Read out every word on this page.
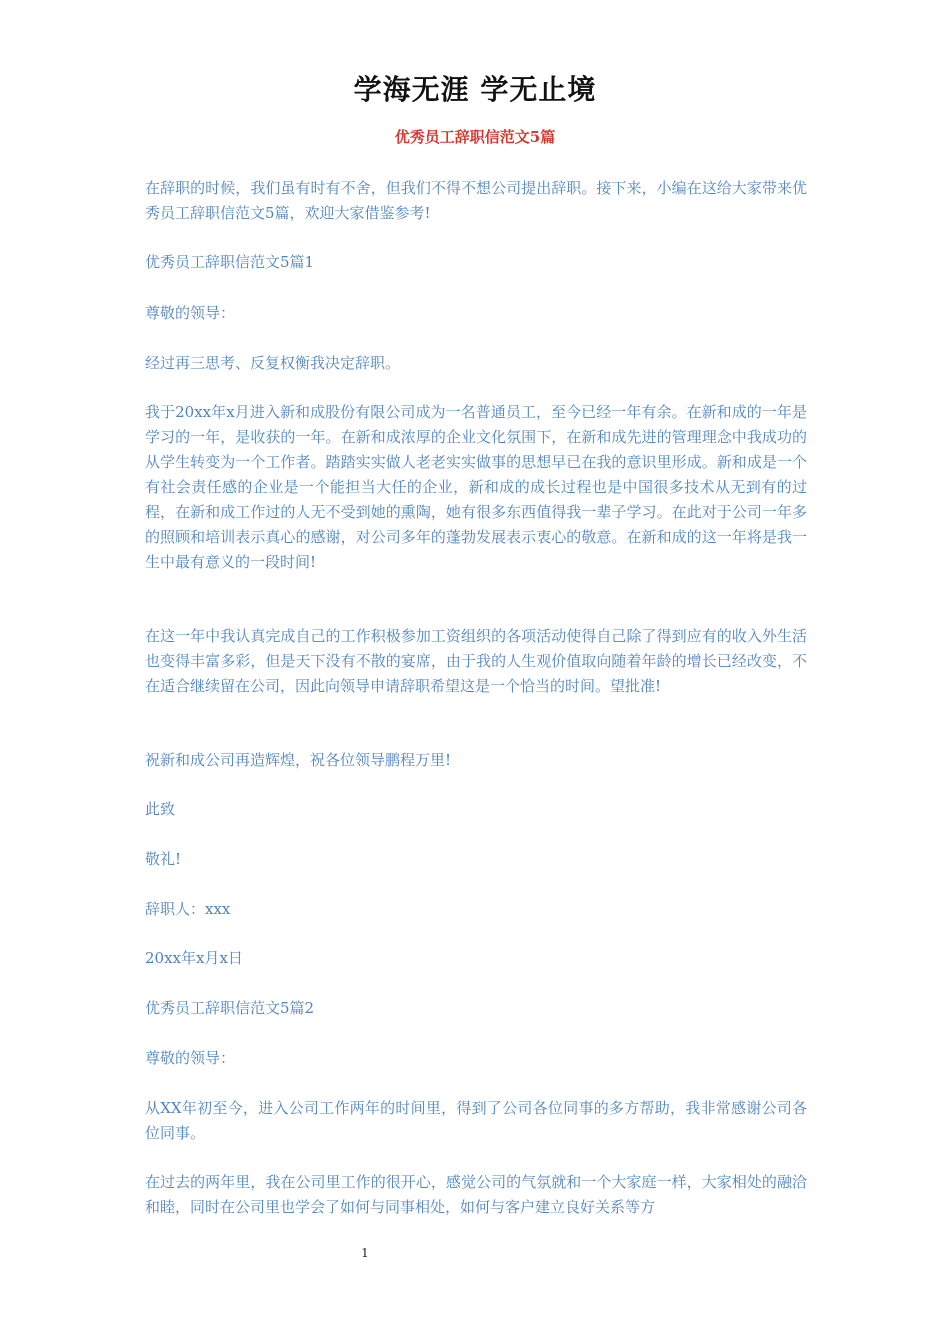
学海无涯 学无止境
优秀员工辞职信范文5篇

在辞职的时候，我们虽有时有不舍，但我们不得不想公司提出辞职。接下来，小编在这给大家带来优秀员工辞职信范文5篇，欢迎大家借鉴参考!

优秀员工辞职信范文5篇1

尊敬的领导：

经过再三思考、反复权衡我决定辞职。

我于20xx年x月进入新和成股份有限公司成为一名普通员工，至今已经一年有余。在新和成的一年是学习的一年，是收获的一年。在新和成浓厚的企业文化氛围下，在新和成先进的管理理念中我成功的从学生转变为一个工作者。踏踏实实做人老老实实做事的思想早已在我的意识里形成。新和成是一个有社会责任感的企业是一个能担当大任的企业，新和成的成长过程也是中国很多技术从无到有的过程，在新和成工作过的人无不受到她的熏陶，她有很多东西值得我一辈子学习。在此对于公司一年多的照顾和培训表示真心的感谢，对公司多年的蓬勃发展表示衷心的敬意。在新和成的这一年将是我一生中最有意义的一段时间!

在这一年中我认真完成自己的工作积极参加工资组织的各项活动使得自己除了得到应有的收入外生活也变得丰富多彩，但是天下没有不散的宴席，由于我的人生观价值取向随着年龄的增长已经改变，不在适合继续留在公司，因此向领导申请辞职希望这是一个恰当的时间。望批准!

祝新和成公司再造辉煌，祝各位领导鹏程万里!

此致

敬礼!

辞职人：xxx

20xx年x月x日

优秀员工辞职信范文5篇2

尊敬的领导：

从XX年初至今，进入公司工作两年的时间里，得到了公司各位同事的多方帮助，我非常感谢公司各位同事。

在过去的两年里，我在公司里工作的很开心，感觉公司的气氛就和一个大家庭一样，大家相处的融洽和睦，同时在公司里也学会了如何与同事相处，如何与客户建立良好关系等方

1
